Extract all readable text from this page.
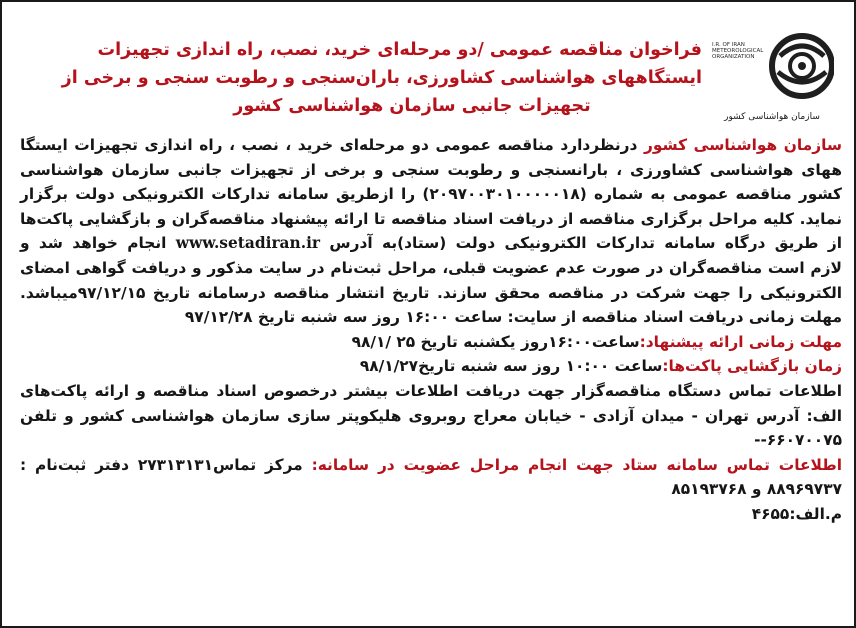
I.R. OF IRAN METEOROLOGICAL ORGANIZATION
سازمان هواشناسی کشور
فراخوان مناقصه عمومی /دو مرحله‌ای خرید، نصب، راه اندازی تجهیزات
ایستگاههای هواشناسی کشاورزی، باران‌سنجی و رطوبت سنجی و برخی از
تجهیزات جانبی سازمان هواشناسی کشور
سازمان هواشناسی کشور درنظردارد مناقصه عمومی دو مرحله‌ای خرید ، نصب ، راه اندازی تجهیزات ایستگا
ههای هواشناسی کشاورزی ، بارانسنجی و رطوبت سنجی و برخی از تجهیزات جانبی سازمان هواشناسی
کشور مناقصه عمومی به شماره (۲۰۹۷۰۰۳۰۱۰۰۰۰۰۱۸) را ازطریق سامانه تدارکات الکترونیکی دولت برگزار
نماید. کلیه مراحل برگزاری مناقصه از دریافت اسناد مناقصه تا ارائه پیشنهاد مناقصه‌گران و بازگشایی پاکت‌ها
از طریق درگاه سامانه تدارکات الکترونیکی دولت (ستاد)به آدرس www.setadiran.ir انجام خواهد شد و
لازم است مناقصه‌گران در صورت عدم عضویت قبلی، مراحل ثبت‌نام در سایت مذکور و دریافت گواهی امضای
الکترونیکی را جهت شرکت در مناقصه محقق سازند. تاریخ انتشار مناقصه درسامانه تاریخ ۹۷/۱۲/۱۵میباشد.
مهلت زمانی دریافت اسناد مناقصه از سایت: ساعت ۱۶:۰۰ روز سه شنبه تاریخ ۹۷/۱۲/۲۸
مهلت زمانی ارائه پیشنهاد:ساعت۱۶:۰۰روز یکشنبه تاریخ ۲۵ /۹۸/۱
زمان بازگشایی پاکت‌ها:ساعت ۱۰:۰۰ روز سه شنبه تاریخ۹۸/۱/۲۷
اطلاعات تماس دستگاه مناقصه‌گزار جهت دریافت اطلاعات بیشتر درخصوص اسناد مناقصه و ارائه پاکت‌های
الف: آدرس تهران - میدان آزادی - خیابان معراج روبروی هلیکوپتر سازی سازمان هواشناسی کشور و تلفن
۶۶۰۷۰۰۷۵--
اطلاعات تماس سامانه ستاد جهت انجام مراحل عضویت در سامانه: مرکز تماس۲۷۳۱۳۱۳۱ دفتر ثبت‌نام :
۸۸۹۶۹۷۳۷ و ۸۵۱۹۳۷۶۸
م.الف:۴۶۵۵
